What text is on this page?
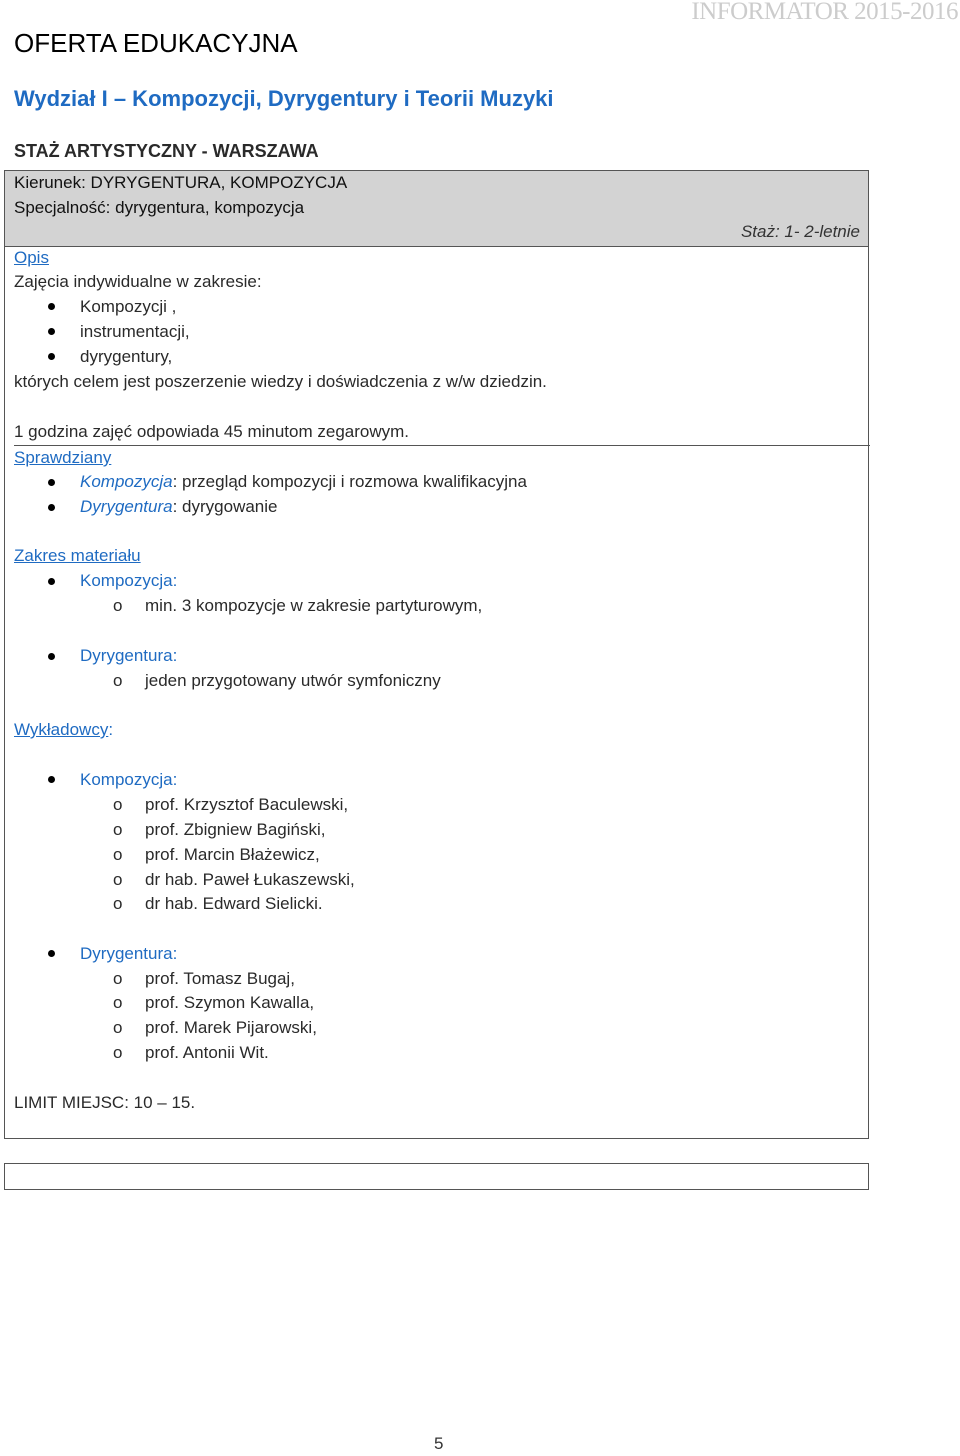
INFORMATOR 2015-2016
OFERTA EDUKACYJNA
Wydział I – Kompozycji, Dyrygentury i Teorii Muzyki
STAŻ ARTYSTYCZNY - WARSZAWA
Kierunek: DYRYGENTURA, KOMPOZYCJA
Specjalność: dyrygentura, kompozycja
Staż: 1- 2-letnie
Opis
Zajęcia indywidualne w zakresie:
Kompozycji ,
instrumentacji,
dyrygentury,
których celem jest poszerzenie wiedzy i doświadczenia z w/w dziedzin.
1 godzina zajęć odpowiada 45 minutom zegarowym.
Sprawdziany
Kompozycja: przegląd kompozycji i rozmowa kwalifikacyjna
Dyrygentura: dyrygowanie
Zakres materiału
Kompozycja:
o min. 3 kompozycje w zakresie partyturowym,
Dyrygentura:
o jeden przygotowany utwór symfoniczny
Wykładowcy:
Kompozycja:
o prof. Krzysztof Baculewski,
o prof. Zbigniew Bagiński,
o prof. Marcin Błażewicz,
o dr hab. Paweł Łukaszewski,
o dr hab. Edward Sielicki.
Dyrygentura:
o prof. Tomasz Bugaj,
o prof. Szymon Kawalla,
o prof. Marek Pijarowski,
o prof. Antonii Wit.
LIMIT MIEJSC: 10 – 15.
5
